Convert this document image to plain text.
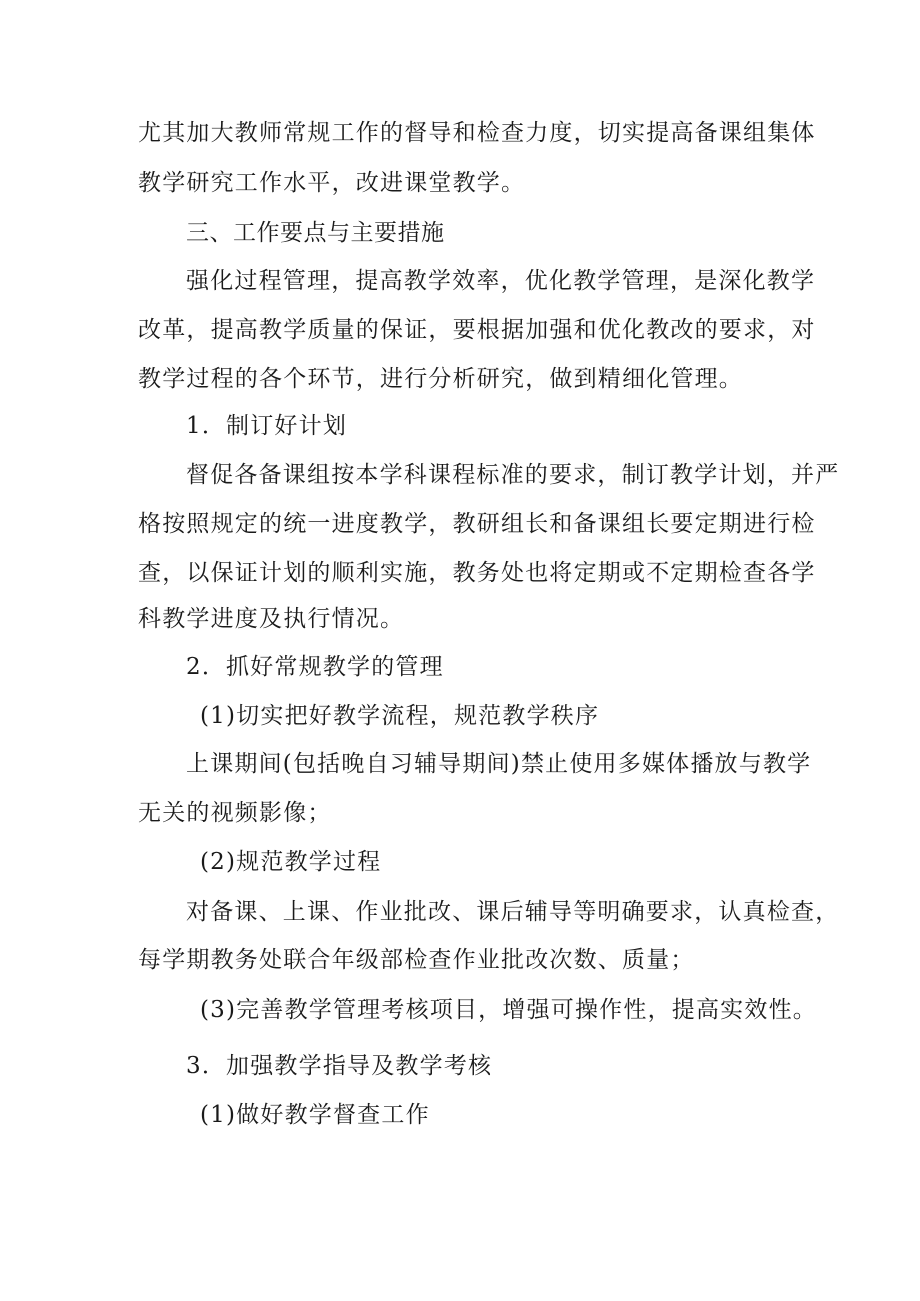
尤其加大教师常规工作的督导和检查力度，切实提高备课组集体
教学研究工作水平，改进课堂教学。
三、工作要点与主要措施
强化过程管理，提高教学效率，优化教学管理，是深化教学
改革，提高教学质量的保证，要根据加强和优化教改的要求，对
教学过程的各个环节，进行分析研究，做到精细化管理。
1．制订好计划
督促各备课组按本学科课程标准的要求，制订教学计划，并严
格按照规定的统一进度教学，教研组长和备课组长要定期进行检
查，以保证计划的顺利实施，教务处也将定期或不定期检查各学
科教学进度及执行情况。
2．抓好常规教学的管理
(1)切实把好教学流程，规范教学秩序
上课期间(包括晚自习辅导期间)禁止使用多媒体播放与教学
无关的视频影像；
(2)规范教学过程
对备课、上课、作业批改、课后辅导等明确要求，认真检查，
每学期教务处联合年级部检查作业批改次数、质量；
(3)完善教学管理考核项目，增强可操作性，提高实效性。
3．加强教学指导及教学考核
(1)做好教学督查工作
